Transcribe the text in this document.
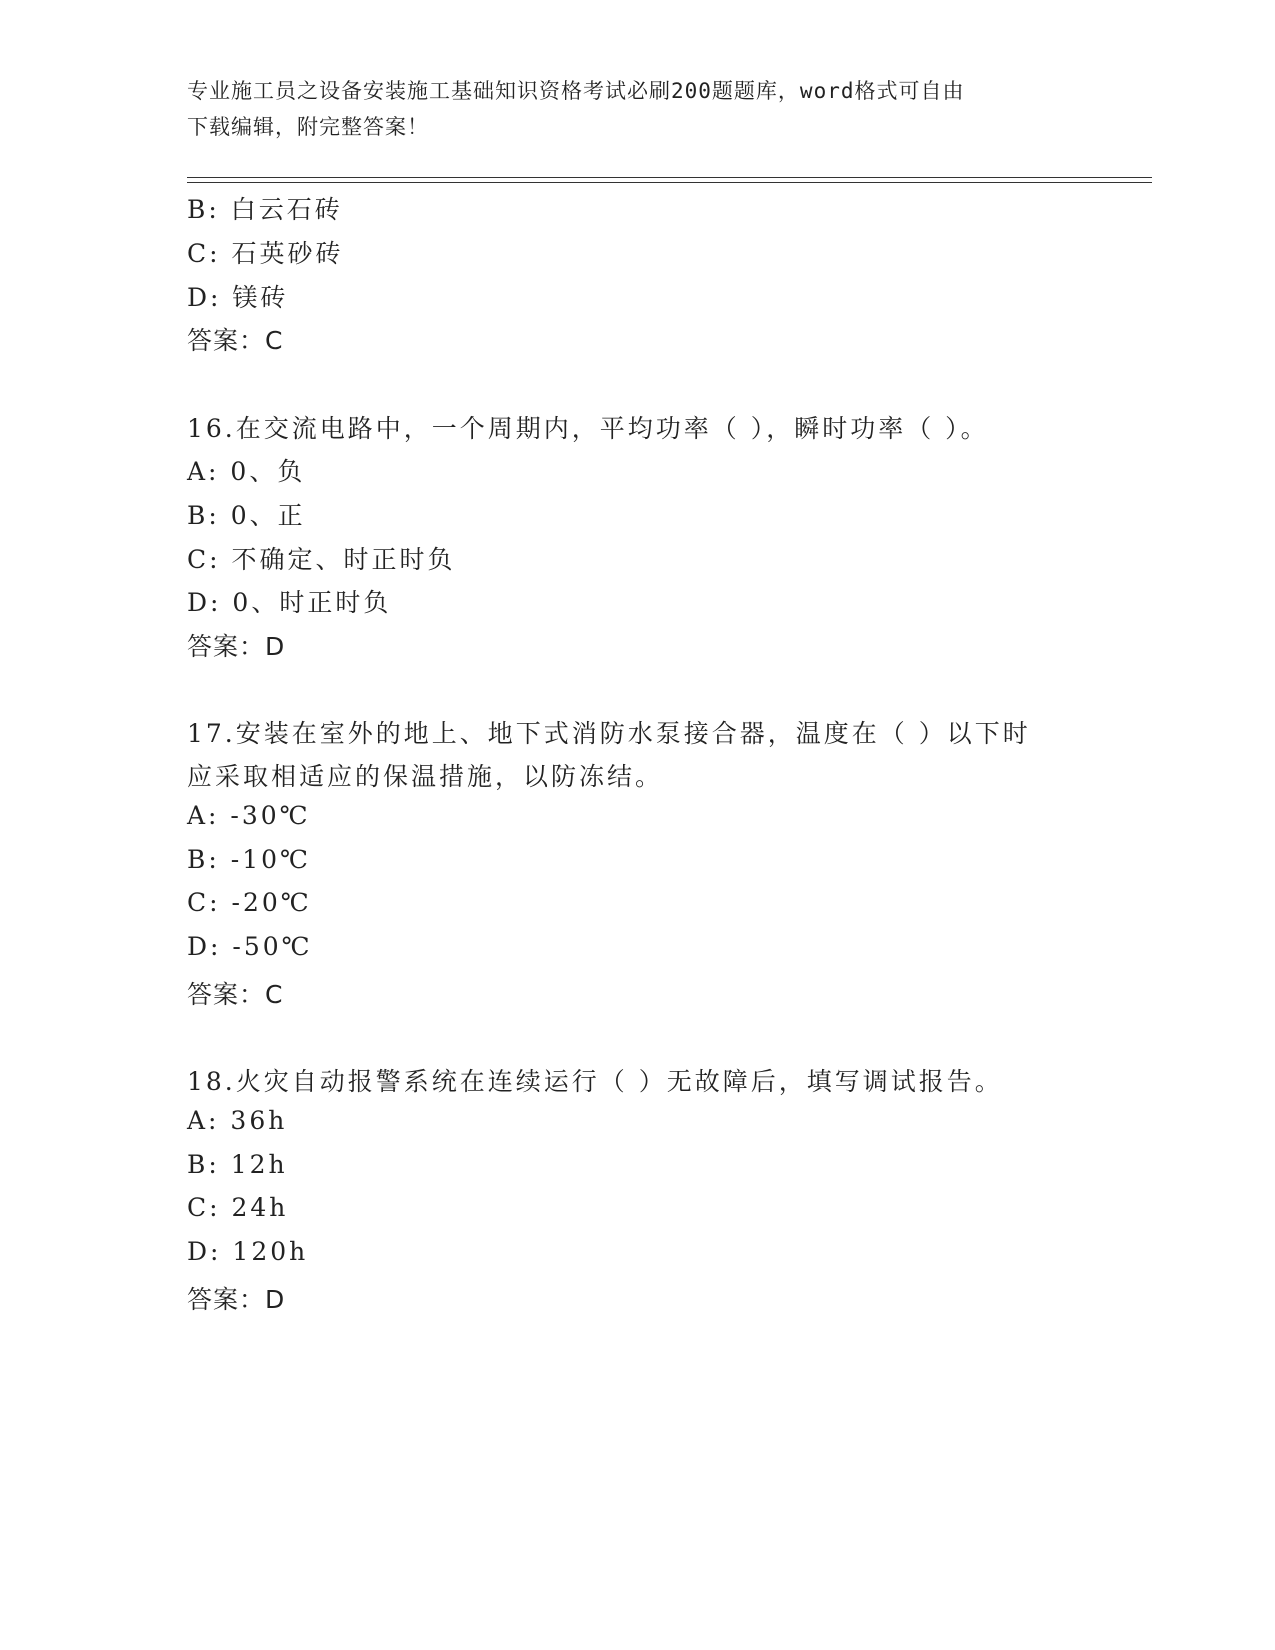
专业施工员之设备安装施工基础知识资格考试必刷200题题库，word格式可自由
下载编辑，附完整答案！
B: 白云石砖
C: 石英砂砖
D: 镁砖
答案：C
16.在交流电路中，一个周期内，平均功率（ ），瞬时功率（ ）。
A: 0、负
B: 0、正
C: 不确定、时正时负
D: 0、时正时负
答案：D
17.安装在室外的地上、地下式消防水泵接合器，温度在（ ）以下时
应采取相适应的保温措施，以防冻结。
A: -30℃
B: -10℃
C: -20℃
D: -50℃
答案：C
18.火灾自动报警系统在连续运行（ ）无故障后，填写调试报告。
A: 36h
B: 12h
C: 24h
D: 120h
答案：D
